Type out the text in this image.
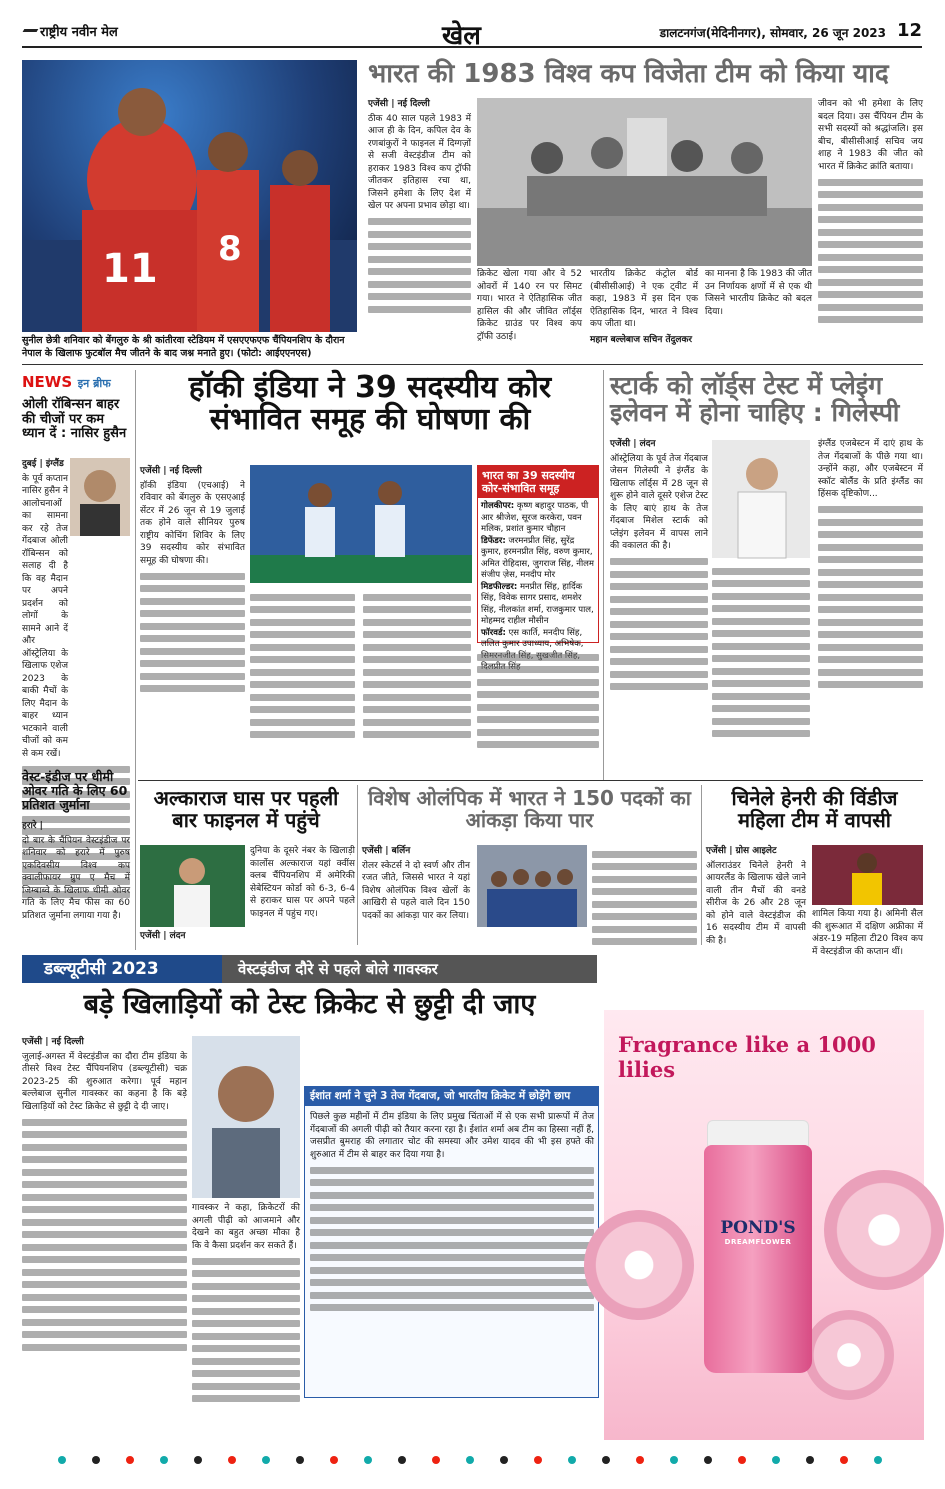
राष्ट्रीय नवीन मेल	खेल	डालटनगंज(मेदिनीनगर), सोमवार, 26 जून 2023 12
8
11
सुनील छेत्री शनिवार को बेंगलुरु के श्री कांतीरवा स्टेडियम में एसएएफएफ चैंपियनशिप के दौरान नेपाल के खिलाफ फुटबॉल मैच जीतने के बाद जश्न मनाते हुए। (फोटो: आईएएनएस)
भारत की 1983 विश्व कप विजेता टीम को किया याद
एजेंसी | नई दिल्ली
ठीक 40 साल पहले 1983 में आज ही के दिन, कपिल देव के रणबांकुरों ने फाइनल में दिग्गज़ों से सजी वेस्टइंडीज टीम को हराकर 1983 विश्व कप ट्रॉफी जीतकर इतिहास रचा था, जिसने हमेशा के लिए देश में खेल पर अपना प्रभाव छोड़ा था।
क्रिकेट खेला गया और वे 52 ओवरों में 140 रन पर सिमट गया। भारत ने ऐतिहासिक जीत हासिल की और जीवित लॉर्ड्स क्रिकेट ग्राउंड पर विश्व कप ट्रॉफी उठाई।
भारतीय क्रिकेट कंट्रोल बोर्ड (बीसीसीआई) ने एक ट्वीट में कहा, 1983 में इस दिन एक ऐतिहासिक दिन, भारत ने विश्व कप जीता था।
महान बल्लेबाज सचिन तेंदुलकर
का मानना है कि 1983 की जीत उन निर्णायक क्षणों में से एक थी जिसने भारतीय क्रिकेट को बदल दिया।
जीवन को भी हमेशा के लिए बदल दिया। उस चैंपियन टीम के सभी सदस्यों को श्रद्धांजलि। इस बीच, बीसीसीआई सचिव जय शाह ने 1983 की जीत को भारत में क्रिकेट क्रांति बताया।
NEWS इन ब्रीफ
ओली रॉबिन्सन बाहर की चीजों पर कम ध्यान दें : नासिर हुसैन
दुबई | इंग्लैंड
के पूर्व कप्तान नासिर हुसैन ने आलोचनाओं का सामना कर रहे तेज गेंदबाज ओली रॉबिन्सन को सलाह दी है कि वह मैदान पर अपने प्रदर्शन को लोगों के सामने आने दें और ऑस्ट्रेलिया के खिलाफ एशेज 2023 के बाकी मैचों के लिए मैदान के बाहर ध्यान भटकाने वाली चीजों को कम से कम रखें।
वेस्ट-इंडीज पर धीमी ओवर गति के लिए 60 प्रतिशत जुर्माना
हरारे |
दो बार के चैंपियन वेस्टइंडीज पर शनिवार को हरारे में पुरुष एकदिवसीय विश्व कप क्वालीफायर ग्रुप ए मैच में जिम्बाब्वे के खिलाफ धीमी ओवर गति के लिए मैच फीस का 60 प्रतिशत जुर्माना लगाया गया है।
हॉकी इंडिया ने 39 सदस्यीय कोर संभावित समूह की घोषणा की
एजेंसी | नई दिल्ली
हॉकी इंडिया (एचआई) ने रविवार को बेंगलुरु के एसएआई सेंटर में 26 जून से 19 जुलाई तक होने वाले सीनियर पुरुष राष्ट्रीय कोचिंग शिविर के लिए 39 सदस्यीय कोर संभावित समूह की घोषणा की।
भारत का 39 सदस्यीय कोर-संभावित समूह
गोलकीपर: कृष्ण बहादुर पाठक, पी आर श्रीजेश, सूरज करकेरा, पवन मलिक, प्रशांत कुमार चौहान
डिफेंडर: जरमनप्रीत सिंह, सुरेंद्र कुमार, हरमनप्रीत सिंह, वरुण कुमार, अमित रोहिदास, जुगराज सिंह, नीलम संजीप ज़ेस, मनदीप मोर
मिडफील्डर: मनप्रीत सिंह, हार्दिक सिंह, विवेक सागर प्रसाद, शमशेर सिंह, नीलकांत शर्मा, राजकुमार पाल, मोहम्मद राहील मौसीन
फॉरवर्ड: एस कार्ति, मनदीप सिंह, ललित कुमार उपाध्याय, अभिषेक,
स्टार्क को लॉर्ड्स टेस्ट में प्लेइंग इलेवन में होना चाहिए : गिलेस्पी
एजेंसी | लंदन
ऑस्ट्रेलिया के पूर्व तेज गेंदबाज जेसन गिलेस्पी ने इंग्लैंड के खिलाफ लॉर्ड्स में 28 जून से शुरू होने वाले दूसरे एशेज टेस्ट के लिए बाएं हाथ के तेज गेंदबाज मिशेल स्टार्क को प्लेइंग इलेवन में वापस लाने की वकालत की है।
इंग्लैंड एजबेस्टन में दाएं हाथ के तेज गेंदबाजों के पीछे गया था। उन्होंने कहा, और एजबेस्टन में स्कॉट बोलैंड के प्रति इंग्लैंड का हिंसक दृष्टिकोण...
अल्काराज घास पर पहली बार फाइनल में पहुंचे
एजेंसी | लंदन
दुनिया के दूसरे नंबर के खिलाड़ी कार्लोस अल्काराज यहां क्वींस क्लब चैंपियनशिप में अमेरिकी सेबेस्टियन कोर्डा को 6-3, 6-4 से हराकर घास पर अपने पहले फाइनल में पहुंच गए।
विशेष ओलंपिक में भारत ने 150 पदकों का आंकड़ा किया पार
एजेंसी | बर्लिन
रोलर स्केटर्स ने दो स्वर्ण और तीन रजत जीते, जिससे भारत ने यहां विशेष ओलंपिक विश्व खेलों के आखिरी से पहले वाले दिन 150 पदकों का आंकड़ा पार कर लिया।
चिनेले हेनरी की विंडीज महिला टीम में वापसी
एजेंसी | ग्रोस आइलेट
ऑलराउंडर चिनेले हेनरी ने आयरलैंड के खिलाफ खेले जाने वाली तीन मैचों की वनडे सीरीज के 26 और 28 जून को होने वाले वेस्टइंडीज की 16 सदस्यीय टीम में वापसी की है।
शामिल किया गया है। अमिनी सैल की शुरूआत में दक्षिण अफ्रीका में अंडर-19 महिला टी20 विश्व कप में वेस्टइंडीज की कप्तान थीं।
डब्ल्यूटीसी 2023	वेस्टइंडीज दौरे से पहले बोले गावस्कर
बड़े खिलाड़ियों को टेस्ट क्रिकेट से छुट्टी दी जाए
एजेंसी | नई दिल्ली
जुलाई-अगस्त में वेस्टइंडीज का दौरा टीम इंडिया के तीसरे विश्व टेस्ट चैंपियनशिप (डब्ल्यूटीसी) चक्र 2023-25 की शुरुआत करेगा। पूर्व महान बल्लेबाज सुनील गावस्कर का कहना है कि बड़े खिलाड़ियों को टेस्ट क्रिकेट से छुट्टी दे दी जाए।
गावस्कर ने कहा, क्रिकेटरों की अगली पीढ़ी को आजमाने और देखने का बहुत अच्छा मौका है कि वे कैसा प्रदर्शन कर सकते हैं।
ईशांत शर्मा ने चुने 3 तेज गेंदबाज, जो भारतीय क्रिकेट में छोड़ेंगे छाप
पिछले कुछ महीनों में टीम इंडिया के लिए प्रमुख चिंताओं में से एक सभी प्रारूपों में तेज गेंदबाजों की अगली पीढ़ी को तैयार करना रहा है। ईशांत शर्मा अब टीम का हिस्सा नहीं हैं, जसप्रीत बुमराह की लगातार चोट की समस्या और उमेश यादव की भी इस हफ्ते की शुरुआत में टीम से बाहर कर दिया गया है।
Fragrance like a 1000 lilies
POND'S
DREAMFLOWER
